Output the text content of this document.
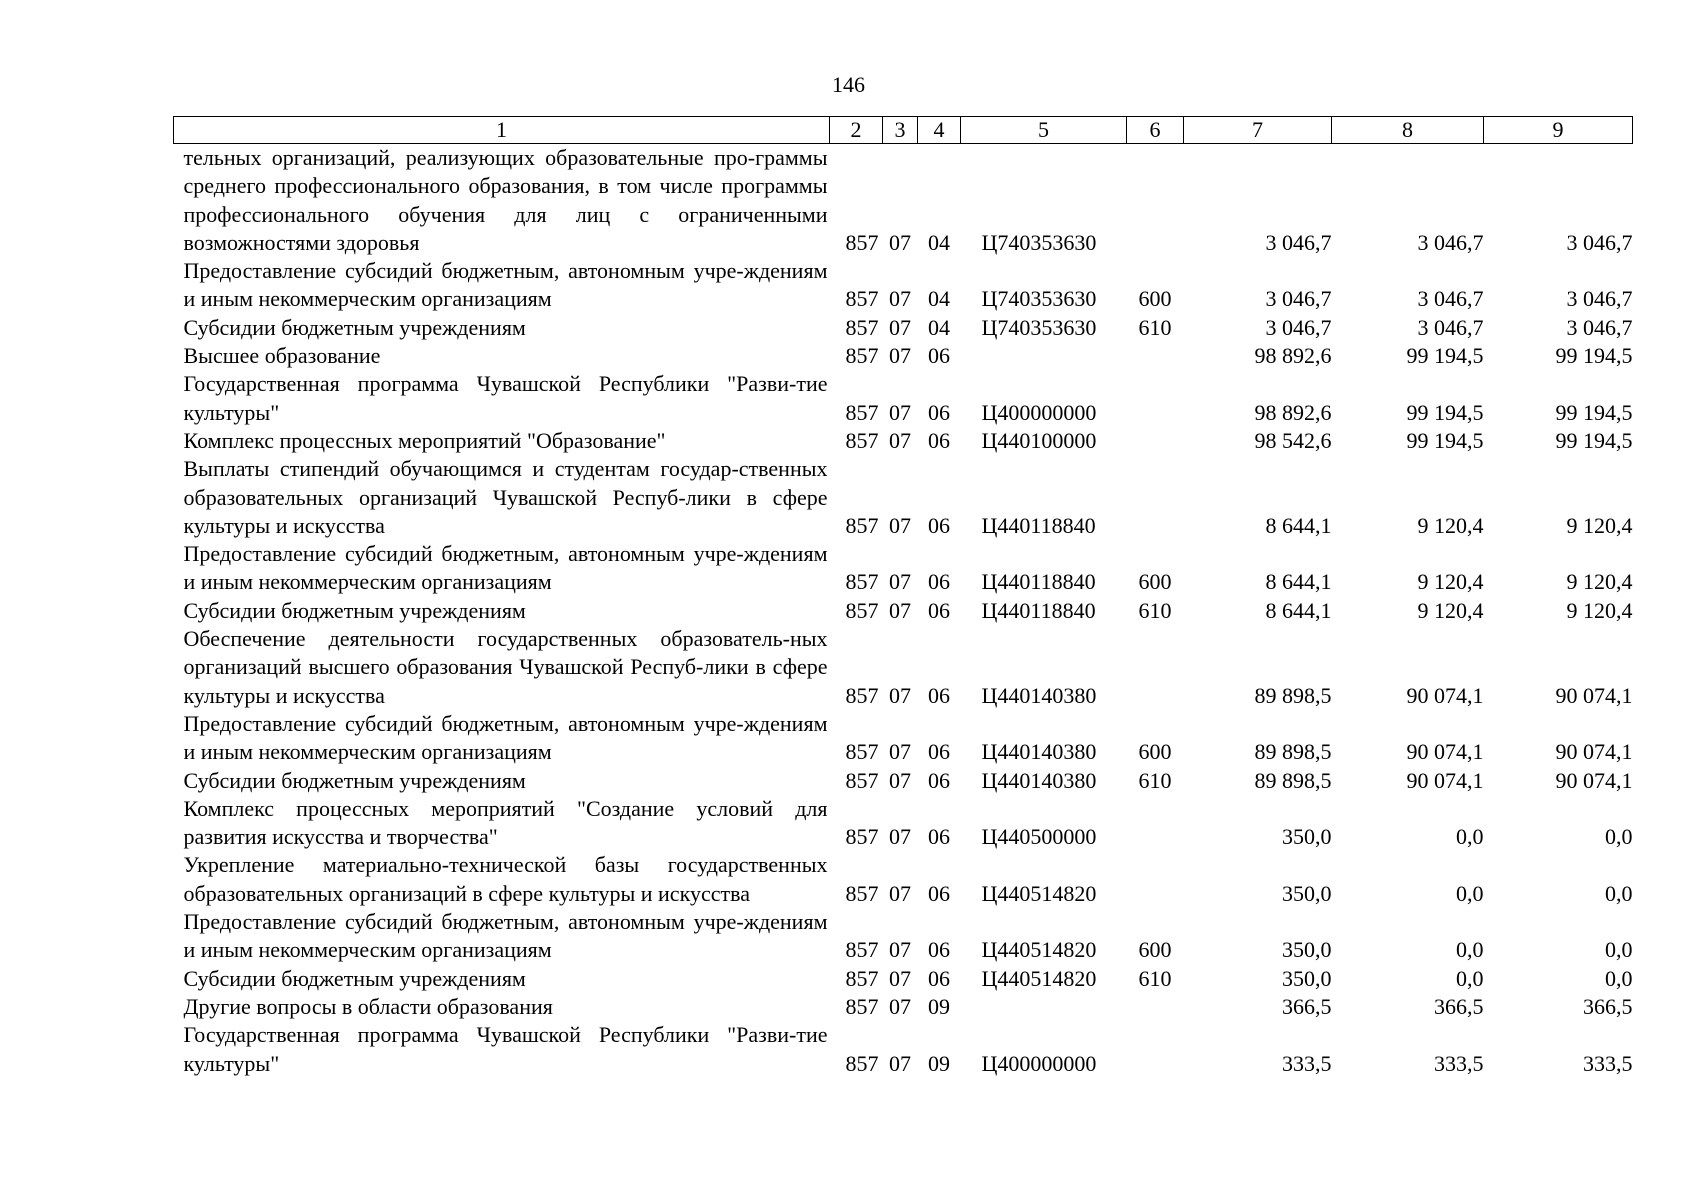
146
1	2	3	4	5	6	7	8	9
тельных организаций, реализующих образовательные про-граммы среднего профессионального образования, в том числе программы профессионального обучения для лиц с ограниченными возможностями здоровья	857	07	04	Ц740353630		3 046,7	3 046,7	3 046,7
Предоставление субсидий бюджетным, автономным учре-ждениям и иным некоммерческим организациям	857	07	04	Ц740353630	600	3 046,7	3 046,7	3 046,7
Субсидии бюджетным учреждениям	857	07	04	Ц740353630	610	3 046,7	3 046,7	3 046,7
Высшее образование	857	07	06			98 892,6	99 194,5	99 194,5
Государственная программа Чувашской Республики "Разви-тие культуры"	857	07	06	Ц400000000		98 892,6	99 194,5	99 194,5
Комплекс процессных мероприятий "Образование"	857	07	06	Ц440100000		98 542,6	99 194,5	99 194,5
Выплаты стипендий обучающимся и студентам государ-ственных образовательных организаций Чувашской Респуб-лики в сфере культуры и искусства	857	07	06	Ц440118840		8 644,1	9 120,4	9 120,4
Предоставление субсидий бюджетным, автономным учре-ждениям и иным некоммерческим организациям	857	07	06	Ц440118840	600	8 644,1	9 120,4	9 120,4
Субсидии бюджетным учреждениям	857	07	06	Ц440118840	610	8 644,1	9 120,4	9 120,4
Обеспечение деятельности государственных образователь-ных организаций высшего образования Чувашской Респуб-лики в сфере культуры и искусства	857	07	06	Ц440140380		89 898,5	90 074,1	90 074,1
Предоставление субсидий бюджетным, автономным учре-ждениям и иным некоммерческим организациям	857	07	06	Ц440140380	600	89 898,5	90 074,1	90 074,1
Субсидии бюджетным учреждениям	857	07	06	Ц440140380	610	89 898,5	90 074,1	90 074,1
Комплекс процессных мероприятий "Создание условий для развития искусства и творчества"	857	07	06	Ц440500000		350,0	0,0	0,0
Укрепление материально-технической базы государственных образовательных организаций в сфере культуры и искусства	857	07	06	Ц440514820		350,0	0,0	0,0
Предоставление субсидий бюджетным, автономным учре-ждениям и иным некоммерческим организациям	857	07	06	Ц440514820	600	350,0	0,0	0,0
Субсидии бюджетным учреждениям	857	07	06	Ц440514820	610	350,0	0,0	0,0
Другие вопросы в области образования	857	07	09			366,5	366,5	366,5
Государственная программа Чувашской Республики "Разви-тие культуры"	857	07	09	Ц400000000		333,5	333,5	333,5
